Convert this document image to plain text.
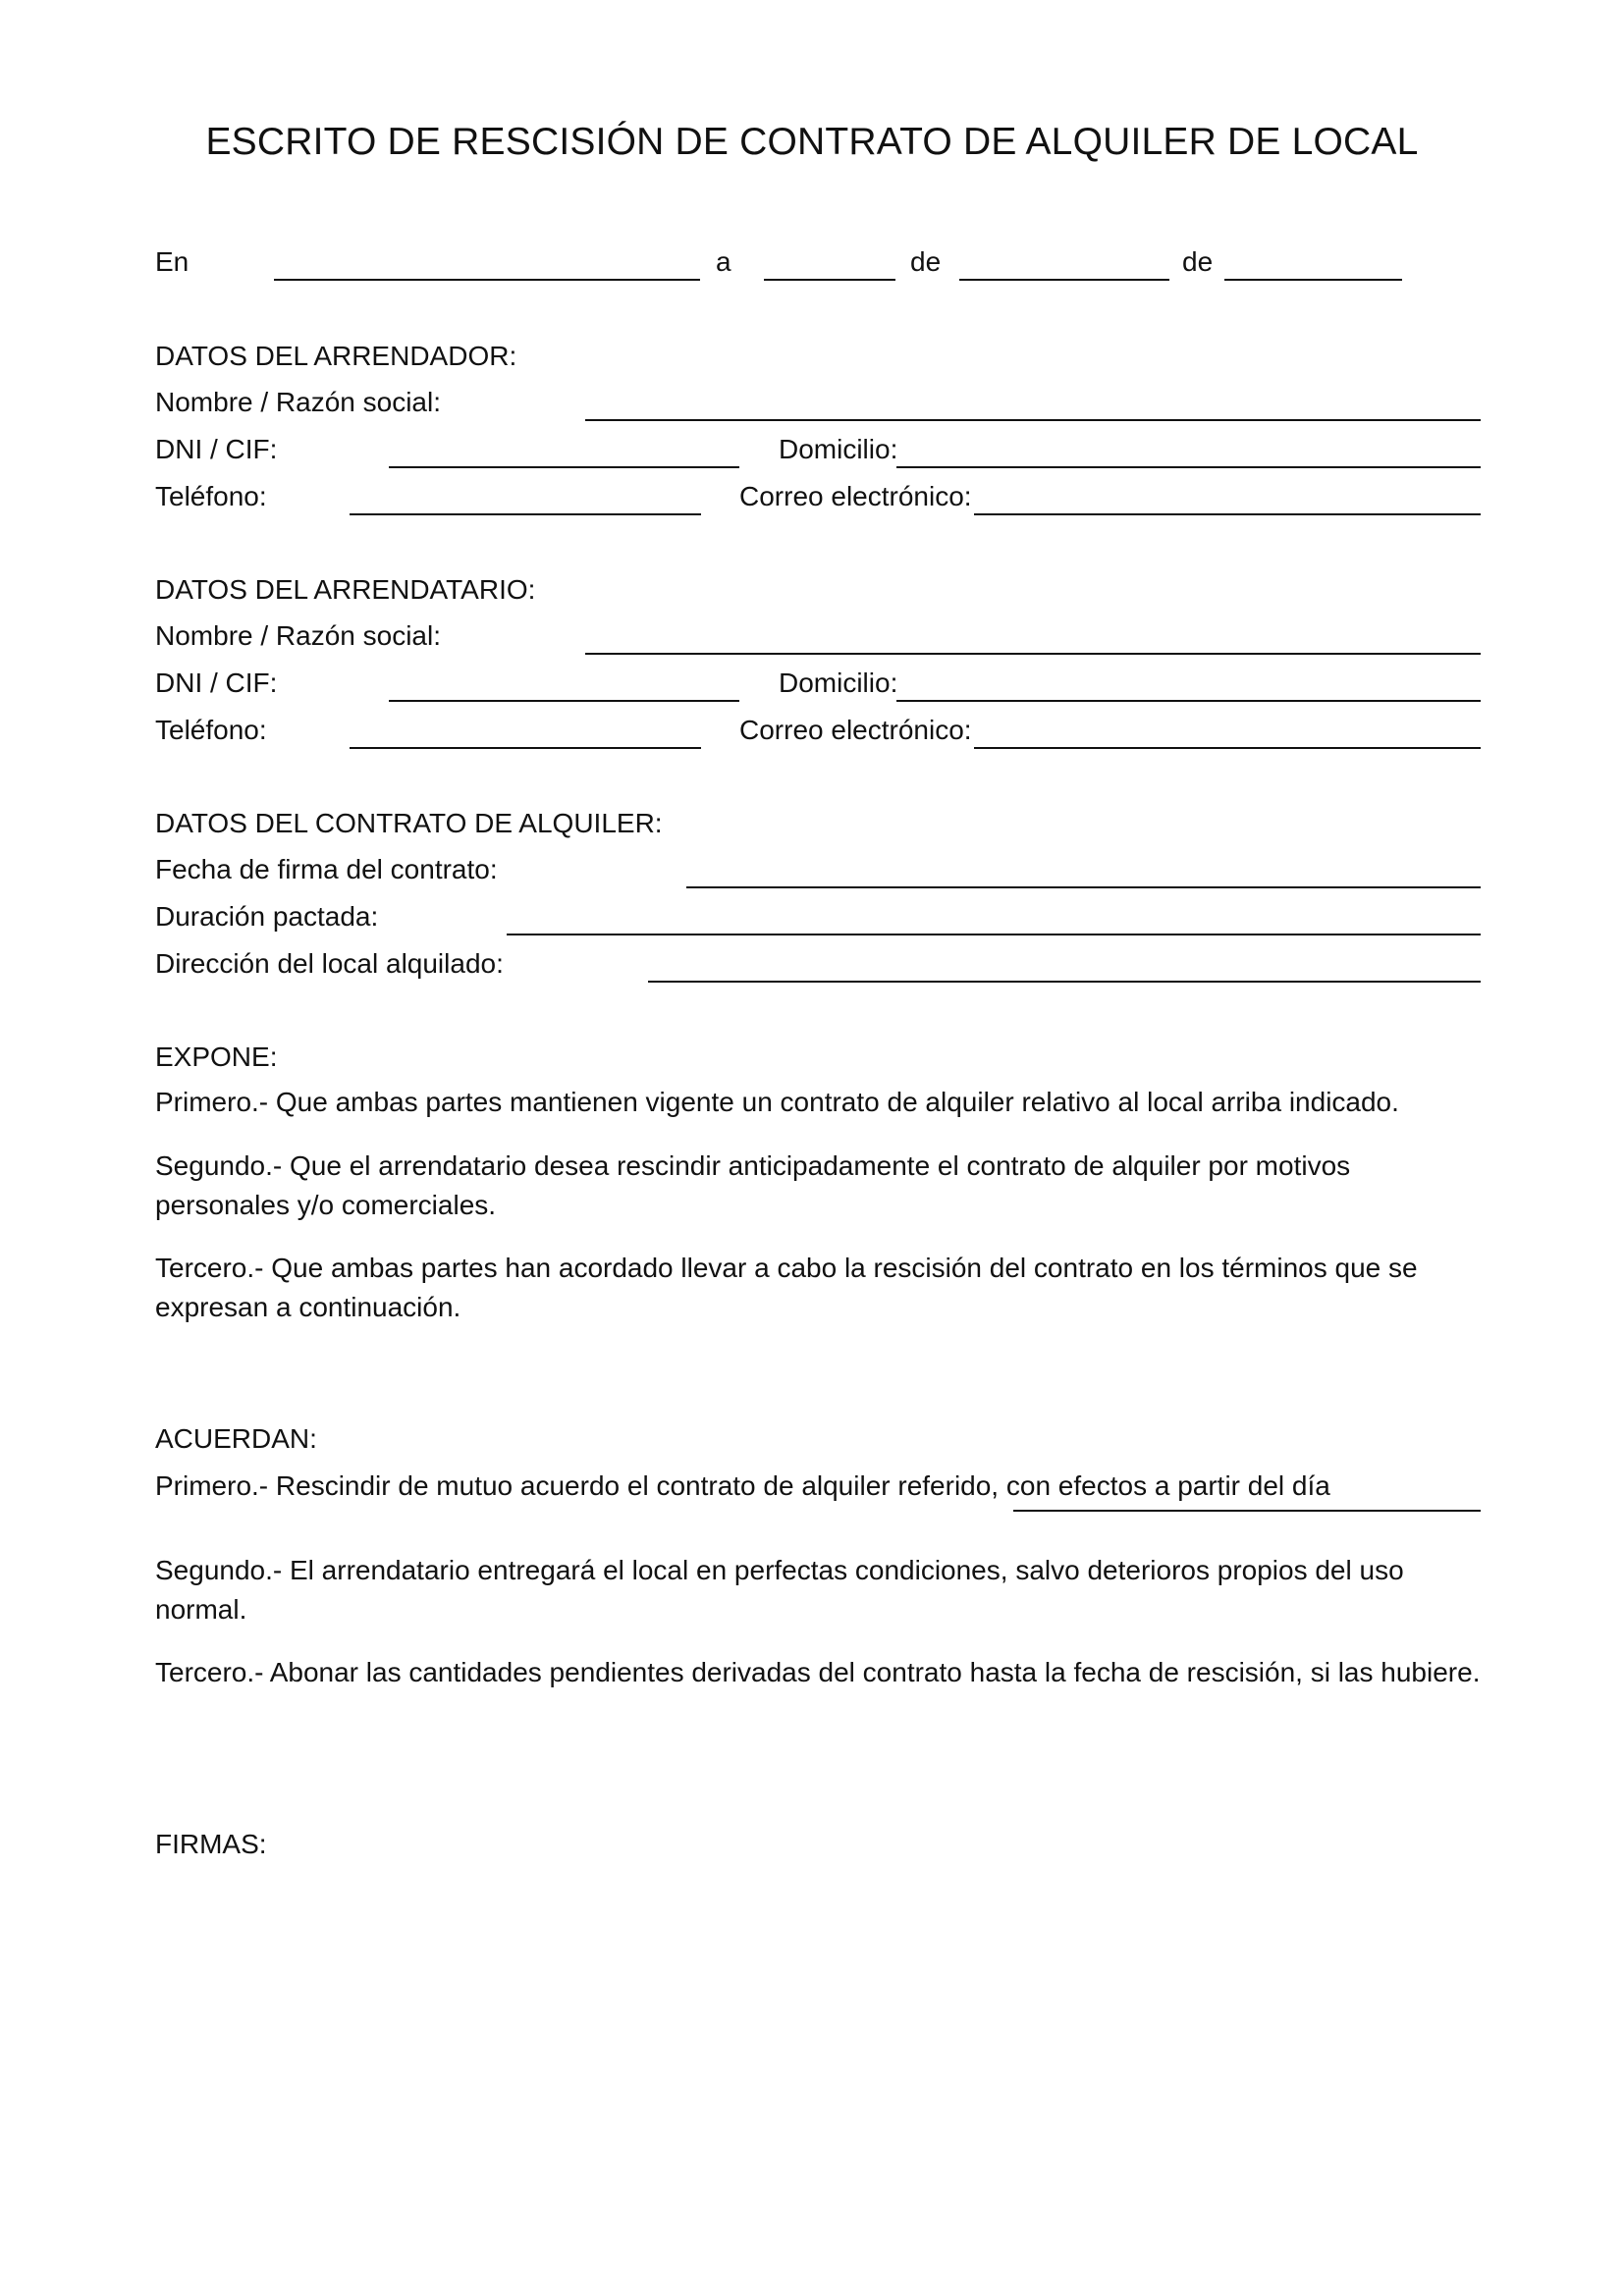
ESCRITO DE RESCISIÓN DE CONTRATO DE ALQUILER DE LOCAL
En	a	de	de
DATOS DEL ARRENDADOR:
Nombre / Razón social:
DNI / CIF:	Domicilio:
Teléfono:	Correo electrónico:
DATOS DEL ARRENDATARIO:
Nombre / Razón social:
DNI / CIF:	Domicilio:
Teléfono:	Correo electrónico:
DATOS DEL CONTRATO DE ALQUILER:
Fecha de firma del contrato:
Duración pactada:
Dirección del local alquilado:
EXPONE:
Primero.- Que ambas partes mantienen vigente un contrato de alquiler relativo al local arriba indicado.
Segundo.- Que el arrendatario desea rescindir anticipadamente el contrato de alquiler por motivos personales y/o comerciales.
Tercero.- Que ambas partes han acordado llevar a cabo la rescisión del contrato en los términos que se expresan a continuación.
ACUERDAN:
Primero.- Rescindir de mutuo acuerdo el contrato de alquiler referido, con efectos a partir del día
Segundo.- El arrendatario entregará el local en perfectas condiciones, salvo deterioros propios del uso normal.
Tercero.- Abonar las cantidades pendientes derivadas del contrato hasta la fecha de rescisión, si las hubiere.
FIRMAS:
